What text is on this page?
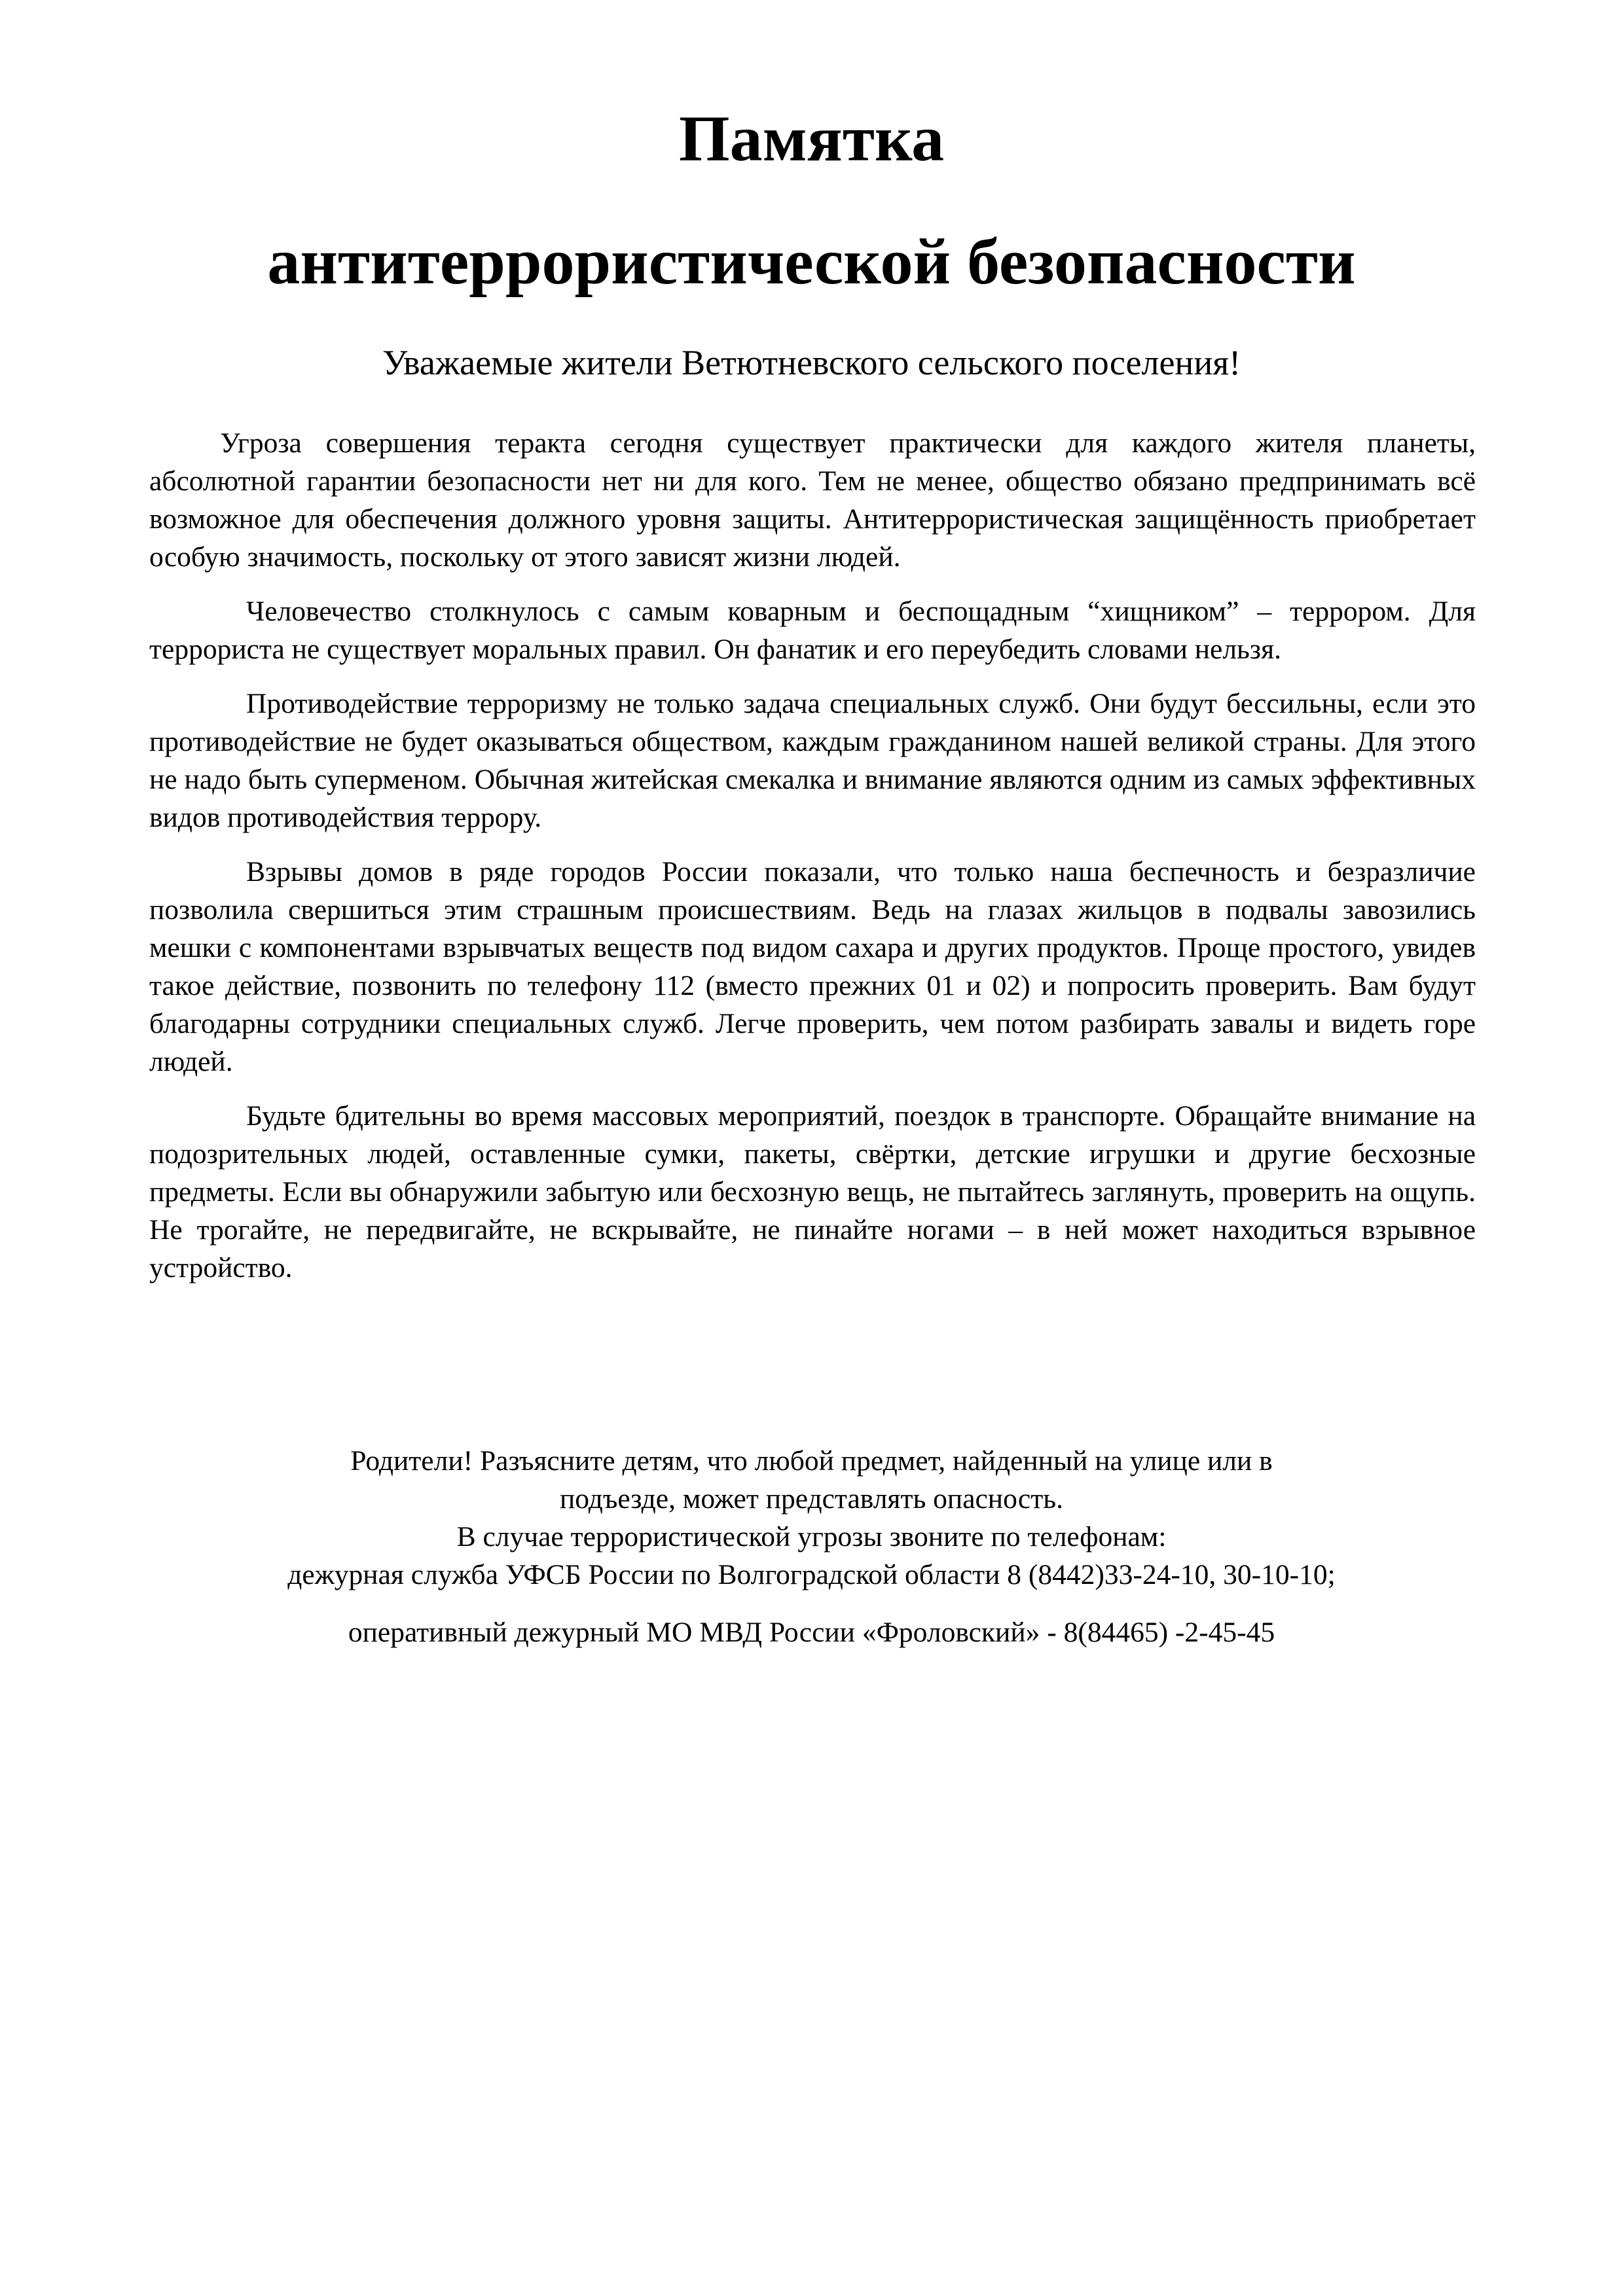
Памятка
антитеррористической безопасности

Уважаемые жители Ветютневского сельского поселения!

Угроза совершения теракта сегодня существует практически для каждого жителя планеты, абсолютной гарантии безопасности нет ни для кого. Тем не менее, общество обязано предпринимать всё возможное для обеспечения должного уровня защиты. Антитеррористическая защищённость приобретает особую значимость, поскольку от этого зависят жизни людей.

Человечество столкнулось с самым коварным и беспощадным “хищником” – террором. Для террориста не существует моральных правил. Он фанатик и его переубедить словами нельзя.

Противодействие терроризму не только задача специальных служб. Они будут бессильны, если это противодействие не будет оказываться обществом, каждым гражданином нашей великой страны. Для этого не надо быть суперменом. Обычная житейская смекалка и внимание являются одним из самых эффективных видов противодействия террору.

Взрывы домов в ряде городов России показали, что только наша беспечность и безразличие позволила свершиться этим страшным происшествиям. Ведь на глазах жильцов в подвалы завозились мешки с компонентами взрывчатых веществ под видом сахара и других продуктов. Проще простого, увидев такое действие, позвонить по телефону 112 (вместо прежних 01 и 02) и попросить проверить. Вам будут благодарны сотрудники специальных служб. Легче проверить, чем потом разбирать завалы и видеть горе людей.

Будьте бдительны во время массовых мероприятий, поездок в транспорте. Обращайте внимание на подозрительных людей, оставленные сумки, пакеты, свёртки, детские игрушки и другие бесхозные предметы. Если вы обнаружили забытую или бесхозную вещь, не пытайтесь заглянуть, проверить на ощупь. Не трогайте, не передвигайте, не вскрывайте, не пинайте ногами – в ней может находиться взрывное устройство.

Родители! Разъясните детям, что любой предмет, найденный на улице или в

подъезде, может представлять опасность.

В случае террористической угрозы звоните по телефонам:

дежурная служба УФСБ России по Волгоградской области 8 (8442)33-24-10, 30-10-10;

оперативный дежурный МО МВД России «Фроловский» - 8(84465) -2-45-45
